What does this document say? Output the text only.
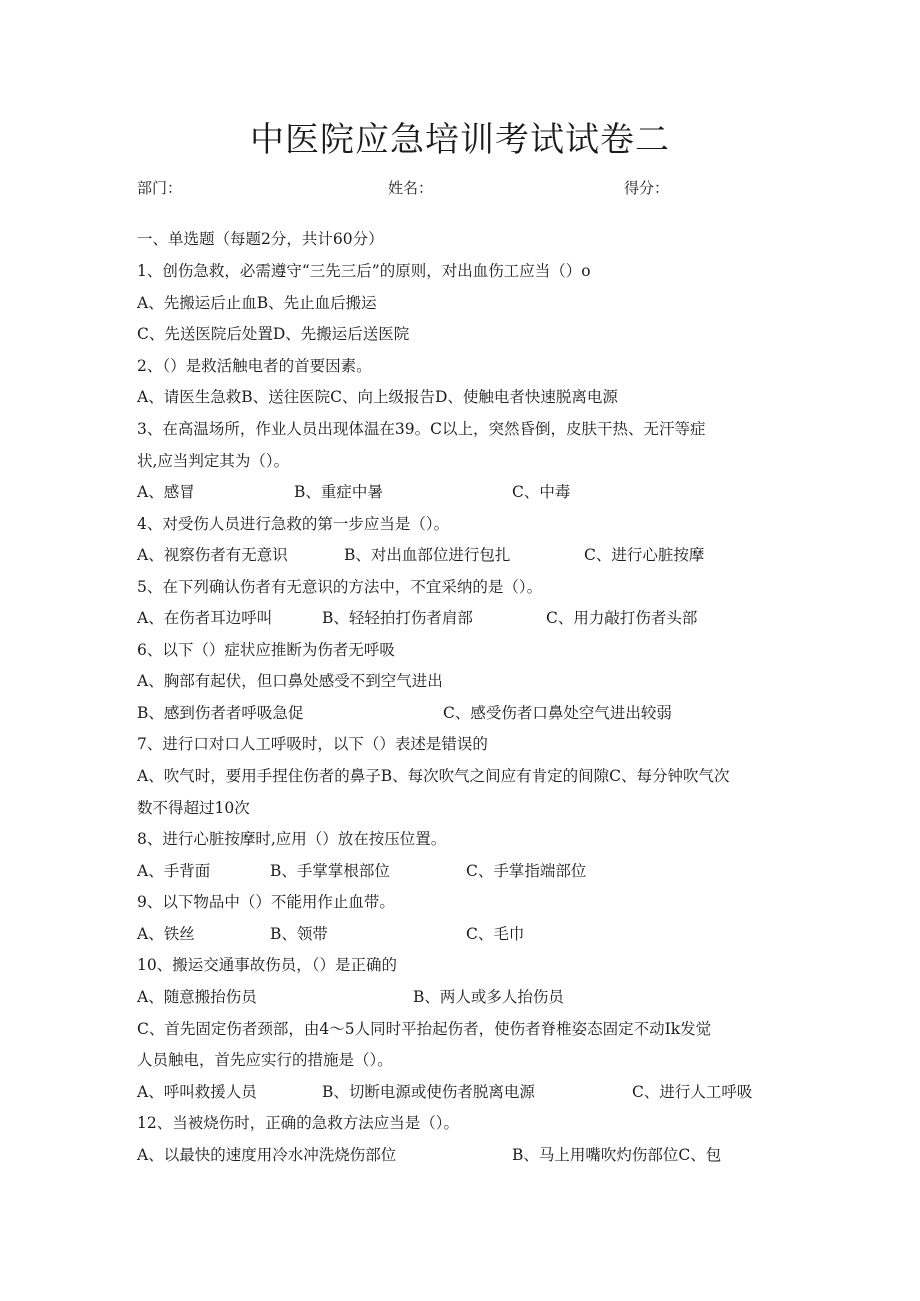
中医院应急培训考试试卷二
部门：	姓名：	得分：
一、单选题（每题2分，共计60分）
1、创伤急救，必需遵守“三先三后”的原则，对出血伤工应当（）o
A、先搬运后止血B、先止血后搬运
C、先送医院后处置D、先搬运后送医院
2、（）是救活触电者的首要因素。
A、请医生急救B、送往医院C、向上级报告D、使触电者快速脱离电源
3、在高温场所，作业人员出现体温在39。C以上，突然昏倒，皮肤干热、无汗等症
状,应当判定其为（）。
A、感冒	B、重症中暑	C、中毒
4、对受伤人员进行急救的第一步应当是（）。
A、视察伤者有无意识	B、对出血部位进行包扎	C、进行心脏按摩
5、在下列确认伤者有无意识的方法中，不宜采纳的是（）。
A、在伤者耳边呼叫	B、轻轻拍打伤者肩部	C、用力敲打伤者头部
6、以下（）症状应推断为伤者无呼吸
A、胸部有起伏，但口鼻处感受不到空气进出
B、感到伤者者呼吸急促	C、感受伤者口鼻处空气进出较弱
7、进行口对口人工呼吸时，以下（）表述是错误的
A、吹气时，要用手捏住伤者的鼻子B、每次吹气之间应有肯定的间隙C、每分钟吹气次
数不得超过10次
8、进行心脏按摩时,应用（）放在按压位置。
A、手背面	B、手掌掌根部位	C、手掌指端部位
9、以下物品中（）不能用作止血带。
A、铁丝	B、领带	C、毛巾
10、搬运交通事故伤员，（）是正确的
A、随意搬抬伤员	B、两人或多人抬伤员
C、首先固定伤者颈部，由4～5人同时平抬起伤者，使伤者脊椎姿态固定不动Ik发觉
人员触电，首先应实行的措施是（）。
A、呼叫救援人员	B、切断电源或使伤者脱离电源	C、进行人工呼吸
12、当被烧伤时，正确的急救方法应当是（）。
A、以最快的速度用冷水冲洗烧伤部位	B、马上用嘴吹灼伤部位C、包
